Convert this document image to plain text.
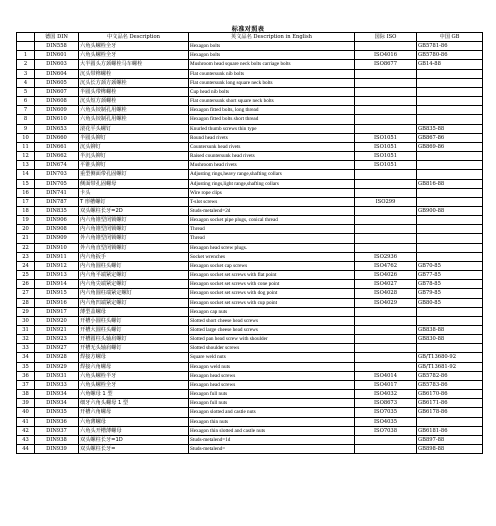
标准对照表
	德国 DIN	中文品名 Description	英文品名 Description in English	国际 ISO	中国 GB
	DIN558	六角头螺栓全牙	Hexagon bolts		GB5781-86
1	DIN601	六角头螺栓全牙	Hexagon bolts	ISO4016	GB5780-86
2	DIN603	大半圆头方颈螺栓马车螺栓	Mushroom head square neck bolts carriage bolts	ISO8677	GB14-88
3	DIN604	沉头带榫螺栓	Flat countersunk nib bolts		
4	DIN605	沉头长方颈方颈螺栓	Flat countersunk long square neck bolts		
5	DIN607	半圆头带榫螺栓	Cup head nib bolts		
6	DIN608	沉头短方颈螺栓	Flat countersunk short square neck bolts		
7	DIN609	六角头铰制孔用螺栓	Hexagon fitted bolts, long thread		
8	DIN610	六角头铰制孔用螺栓	Hexagon fitted bolts short thread		
9	DIN653	滚花平头螺钉	Knurled thumb screws thin type		GB835-88
10	DIN660	半圆头铆钉	Round head rivets	ISO1051	GB867-86
11	DIN661	沉头铆钉	Countersunk head rivets	ISO1051	GB869-86
12	DIN662	半沉头铆钉	Raised countersunk head rivets	ISO1051	
13	DIN674	平锥头铆钉	Mushroom head rivets	ISO1051	
14	DIN703	重型侧面带孔固螺钉	Adjusting rings,heavy range,shafting collars		
15	DIN705	侧面带孔固螺母	Adjusting rings,light range,shafting collars		GB816-88
16	DIN741	卡头	Wire rope clips		
17	DIN787	T 形槽螺钉	T-slot screws	ISO299	
18	DIN835	双头螺柱长牙=2D	Studs-metalend=2d		GB900-88
19	DIN906	内六角锥型闭锁螺钉	Hexagon socket pipe plugs, conical thread		
20	DIN908	内六角锥型闭锁螺钉	Thread		
21	DIN909	外六角锥型闭锁螺钉	Thread		
22	DIN910	外六角直型闭锁螺钉	Hexagon head screw plugs.		
23	DIN911	内六角扳手	Socket wrenches	ISO2936	
24	DIN912	内六角圆柱头螺钉	Hexagon socket cap screws	ISO4762	GB70-85
25	DIN913	内六角平端紧定螺钉	Hexagon socket set screws with flat point	ISO4026	GB77-85
26	DIN914	内六角尖端紧定螺钉	Hexagon socket set screws with cone point	ISO4027	GB78-85
27	DIN915	内六角圆柱端紧定螺钉	Hexagon socket set screws with dog point	ISO4028	GB79-85
28	DIN916	内六角凹端紧定螺钉	Hexagon socket set screws with cup point	ISO4029	GB80-85
29	DIN917	薄型盖螺母	Hexagon cap nuts		
30	DIN920	开槽小圆柱头螺钉	Slotted short cheese head screws		
31	DIN921	开槽大圆柱头螺钉	Slotted large cheese head screws		GB838-88
32	DIN923	开槽圆柱头轴肩螺钉	Slotted pan head screw with shoulder		GB830-88
33	DIN927	开槽无头轴肩螺钉	Slotted shoulder screws		
34	DIN928	焊接方螺母	Square weld nuts		GB/T13680-92
35	DIN929	焊接六角螺母	Hexagon weld nuts		GB/T13681-92
36	DIN931	六角头螺栓半牙	Hexagon head screws	ISO4014	GB5782-86
37	DIN933	六角头螺栓全牙	Hexagon head screws	ISO4017	GB5783-86
38	DIN934	六角螺母 1 型	Hexagon full nuts	ISO4032	GB6170-86
39	DIN934	细牙六角头螺母 1 型	Hexagon full nuts	ISO8673	GB6171-86
40	DIN935	开槽六角螺母	Hexagon slotted and castle nuts	ISO7035	GB6178-86
41	DIN936	六角薄螺母	Hexagon thin nuts	ISO4035	
42	DIN937	六角头开槽薄螺母	Hexagon thin slotted and castle nuts	ISO7038	GB6181-86
43	DIN938	双头螺柱长牙=1D	Studs-metalend=1d		GB897-88
44	DIN939	双头螺柱长牙=	Studs-metalend=		GB898-88
